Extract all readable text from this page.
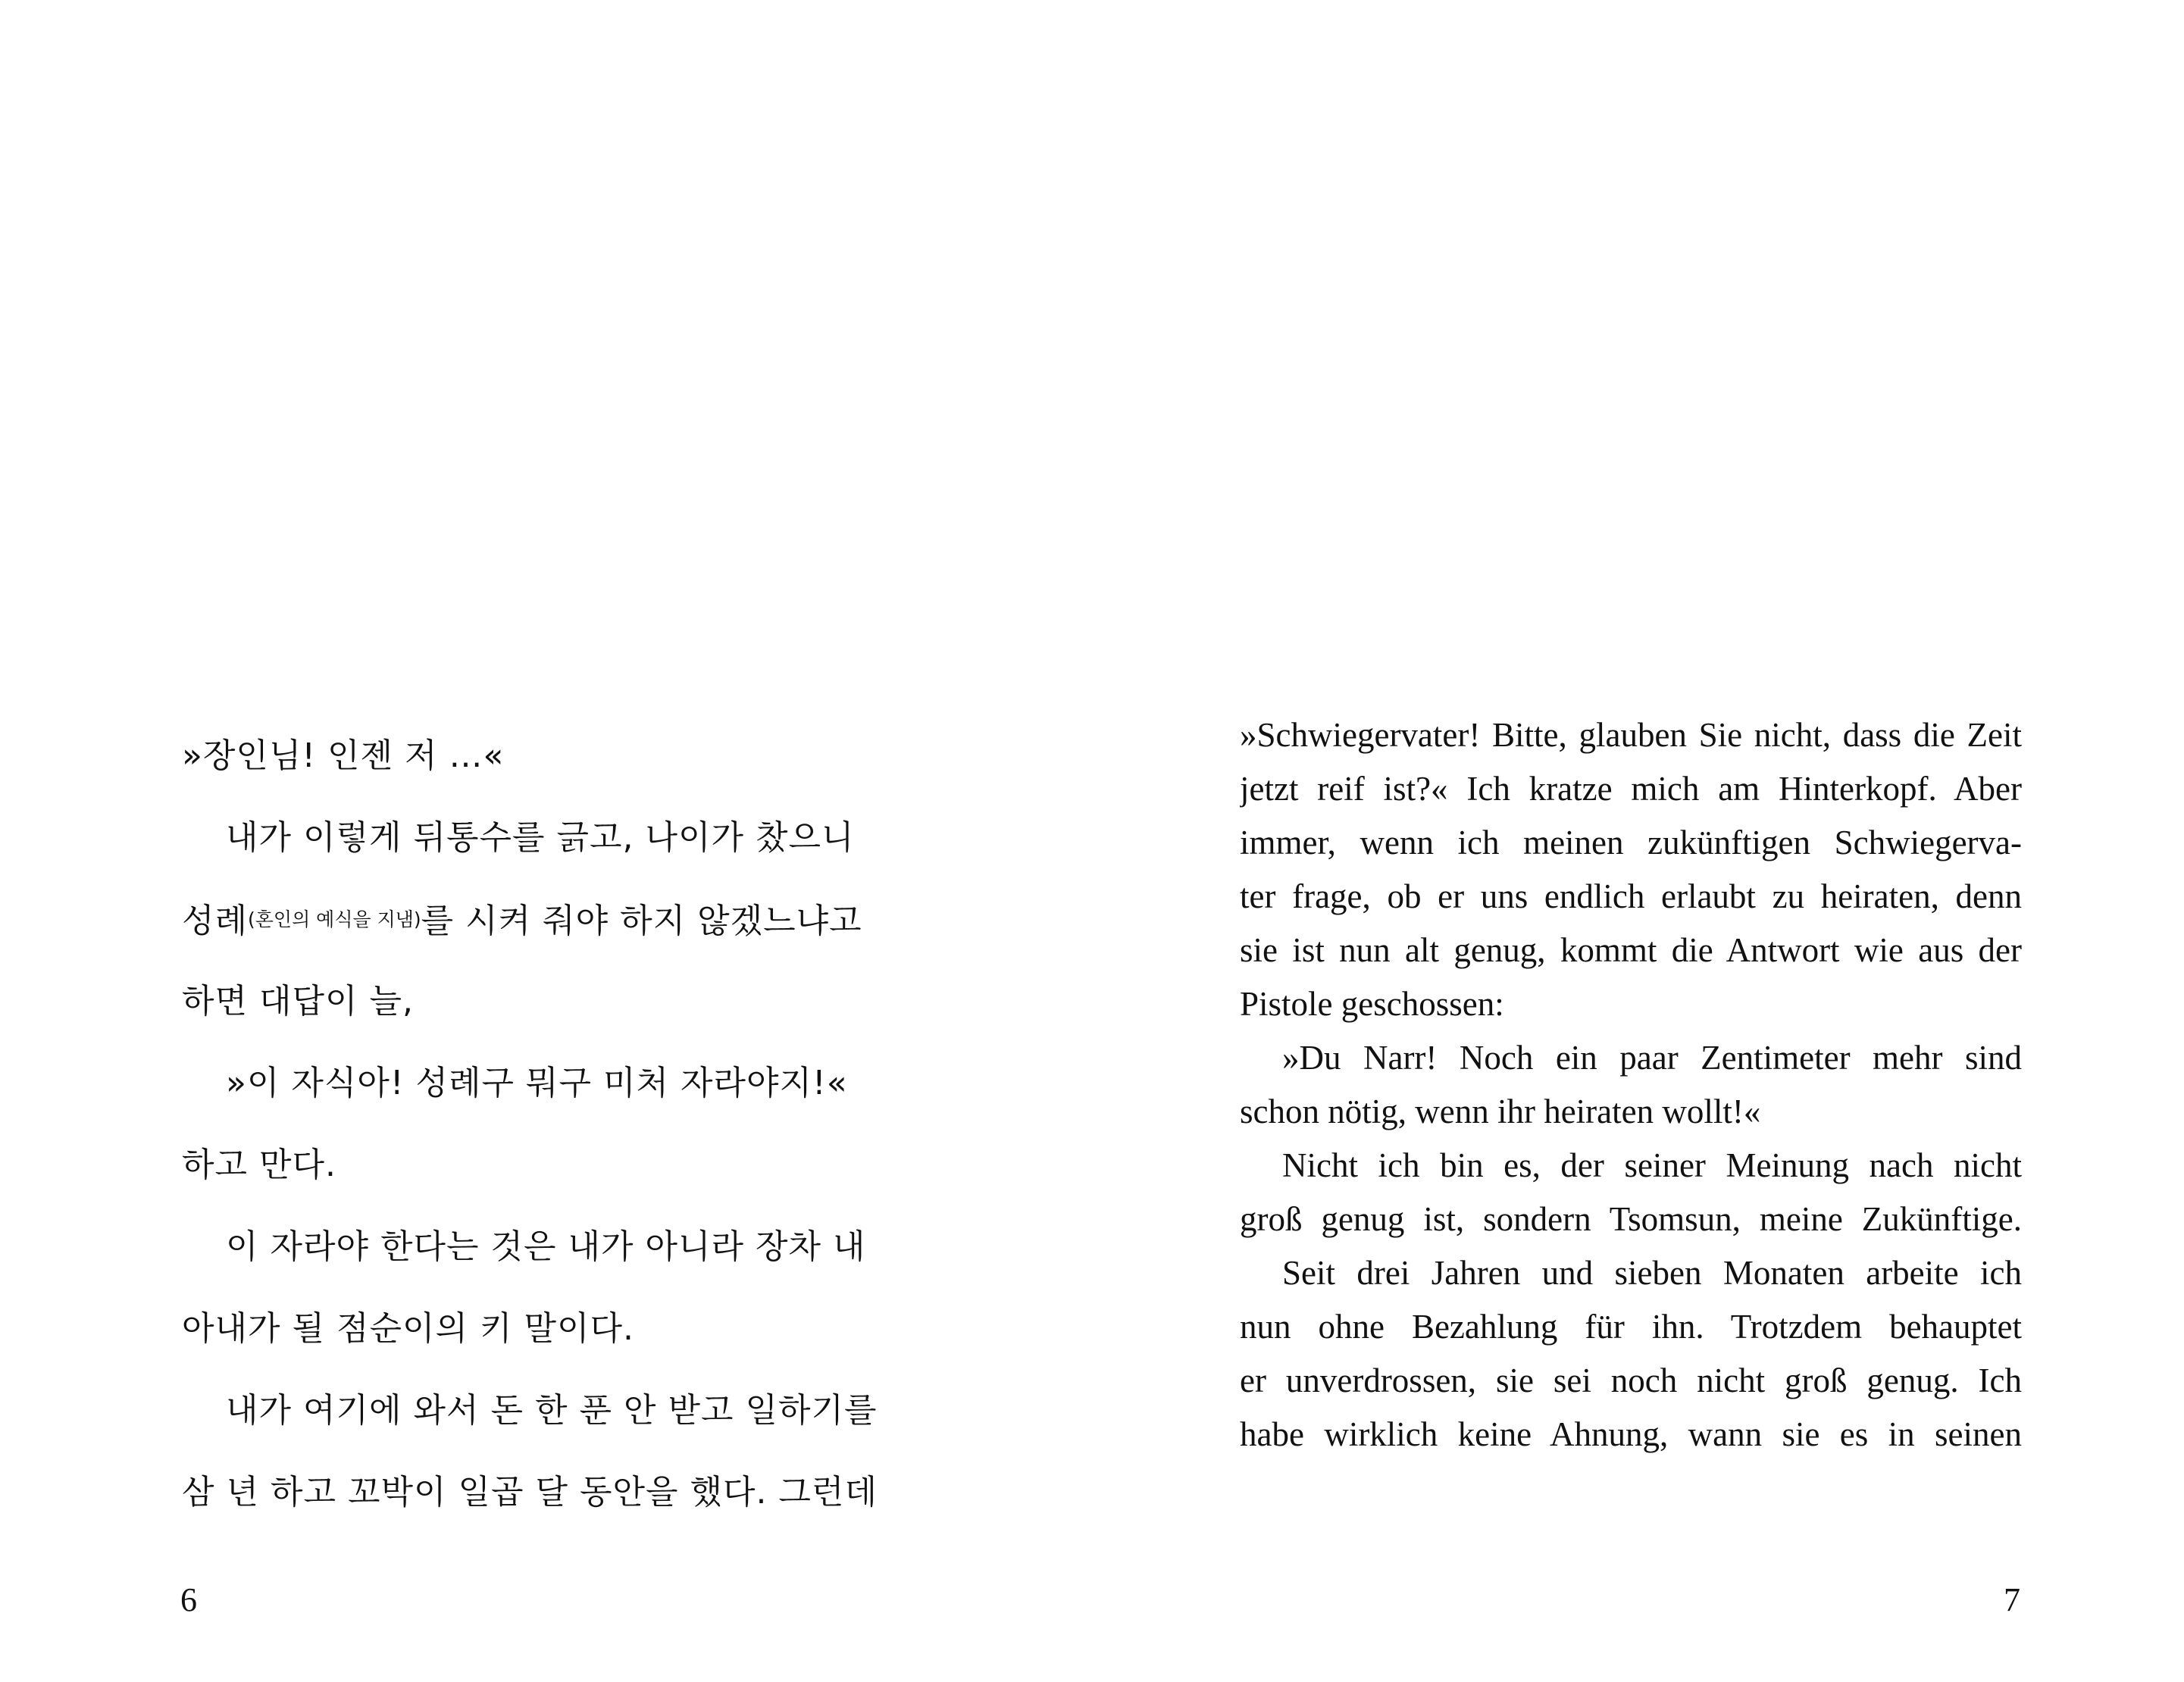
»장인님! 인젠 저 …«
내가 이렇게 뒤통수를 긁고, 나이가 찼으니
성례(혼인의 예식을 지냄)를 시켜 줘야 하지 않겠느냐고
하면 대답이 늘,
»이 자식아! 성례구 뭐구 미처 자라야지!«
하고 만다.
이 자라야 한다는 것은 내가 아니라 장차 내
아내가 될 점순이의 키 말이다.
내가 여기에 와서 돈 한 푼 안 받고 일하기를
삼 년 하고 꼬박이 일곱 달 동안을 했다. 그런데
6
»Schwiegervater! Bitte, glauben Sie nicht, dass die Zeit
jetzt reif ist?« Ich kratze mich am Hinterkopf. Aber
immer, wenn ich meinen zukünftigen Schwiegerva-
ter frage, ob er uns endlich erlaubt zu heiraten, denn
sie ist nun alt genug, kommt die Antwort wie aus der
Pistole geschossen:
»Du Narr! Noch ein paar Zentimeter mehr sind
schon nötig, wenn ihr heiraten wollt!«
Nicht ich bin es, der seiner Meinung nach nicht
groß genug ist, sondern Tsomsun, meine Zukünftige.
Seit drei Jahren und sieben Monaten arbeite ich
nun ohne Bezahlung für ihn. Trotzdem behauptet
er unverdrossen, sie sei noch nicht groß genug. Ich
habe wirklich keine Ahnung, wann sie es in seinen
7
